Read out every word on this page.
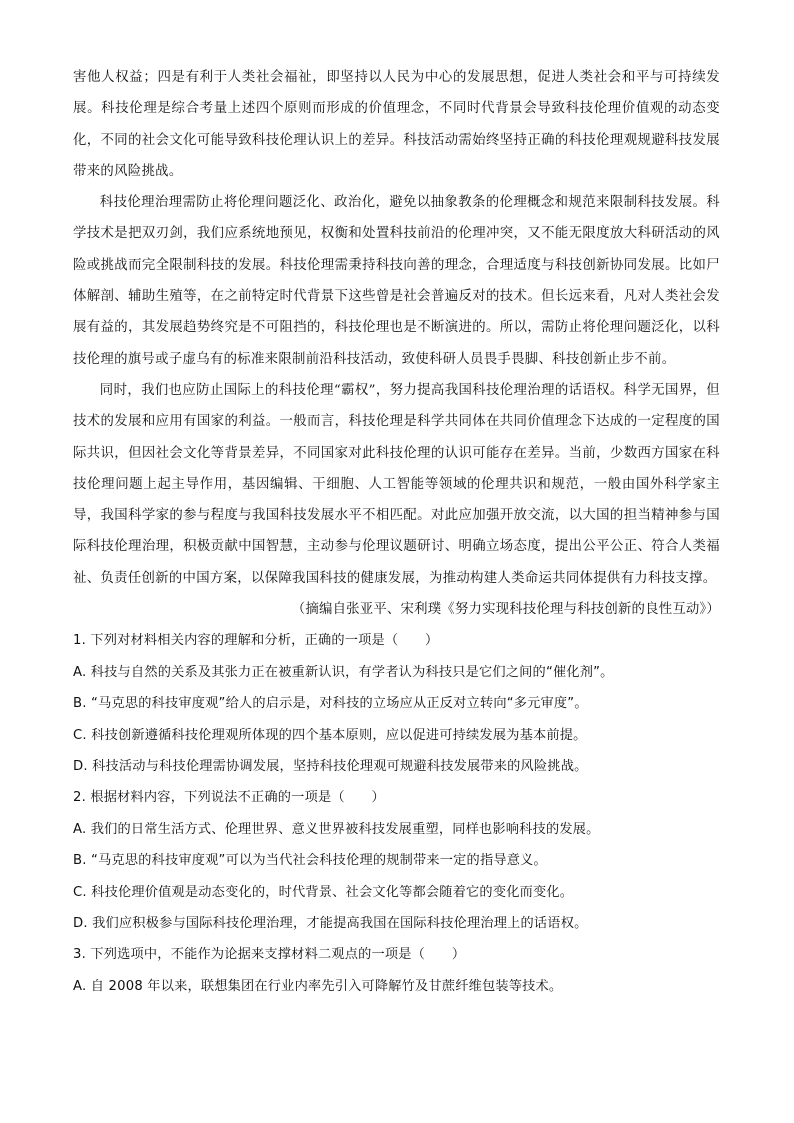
害他人权益；四是有利于人类社会福祉，即坚持以人民为中心的发展思想，促进人类社会和平与可持续发展。科技伦理是综合考量上述四个原则而形成的价值理念，不同时代背景会导致科技伦理价值观的动态变化，不同的社会文化可能导致科技伦理认识上的差异。科技活动需始终坚持正确的科技伦理观规避科技发展带来的风险挑战。

科技伦理治理需防止将伦理问题泛化、政治化，避免以抽象教条的伦理概念和规范来限制科技发展。科学技术是把双刃剑，我们应系统地预见，权衡和处置科技前沿的伦理冲突，又不能无限度放大科研活动的风险或挑战而完全限制科技的发展。科技伦理需秉持科技向善的理念，合理适度与科技创新协同发展。比如尸体解剖、辅助生殖等，在之前特定时代背景下这些曾是社会普遍反对的技术。但长远来看，凡对人类社会发展有益的，其发展趋势终究是不可阻挡的，科技伦理也是不断演进的。所以，需防止将伦理问题泛化，以科技伦理的旗号或子虚乌有的标准来限制前沿科技活动，致使科研人员畏手畏脚、科技创新止步不前。

同时，我们也应防止国际上的科技伦理“霸权”，努力提高我国科技伦理治理的话语权。科学无国界，但技术的发展和应用有国家的利益。一般而言，科技伦理是科学共同体在共同价值理念下达成的一定程度的国际共识，但因社会文化等背景差异，不同国家对此科技伦理的认识可能存在差异。当前，少数西方国家在科技伦理问题上起主导作用，基因编辑、干细胞、人工智能等领域的伦理共识和规范，一般由国外科学家主导，我国科学家的参与程度与我国科技发展水平不相匹配。对此应加强开放交流，以大国的担当精神参与国际科技伦理治理，积极贡献中国智慧，主动参与伦理议题研讨、明确立场态度，提出公平公正、符合人类福祉、负责任创新的中国方案，以保障我国科技的健康发展，为推动构建人类命运共同体提供有力科技支撑。

（摘编自张亚平、宋利璞《努力实现科技伦理与科技创新的良性互动》）

1. 下列对材料相关内容的理解和分析，正确的一项是（　　）

A. 科技与自然的关系及其张力正在被重新认识，有学者认为科技只是它们之间的“催化剂”。

B. “马克思的科技审度观”给人的启示是，对科技的立场应从正反对立转向“多元审度”。

C. 科技创新遵循科技伦理观所体现的四个基本原则，应以促进可持续发展为基本前提。

D. 科技活动与科技伦理需协调发展，坚持科技伦理观可规避科技发展带来的风险挑战。

2. 根据材料内容，下列说法不正确的一项是（　　）

A. 我们的日常生活方式、伦理世界、意义世界被科技发展重塑，同样也影响科技的发展。

B. “马克思的科技审度观”可以为当代社会科技伦理的规制带来一定的指导意义。

C. 科技伦理价值观是动态变化的，时代背景、社会文化等都会随着它的变化而变化。

D. 我们应积极参与国际科技伦理治理，才能提高我国在国际科技伦理治理上的话语权。

3. 下列选项中，不能作为论据来支撑材料二观点的一项是（　　）

A. 自 2008 年以来，联想集团在行业内率先引入可降解竹及甘蔗纤维包装等技术。
